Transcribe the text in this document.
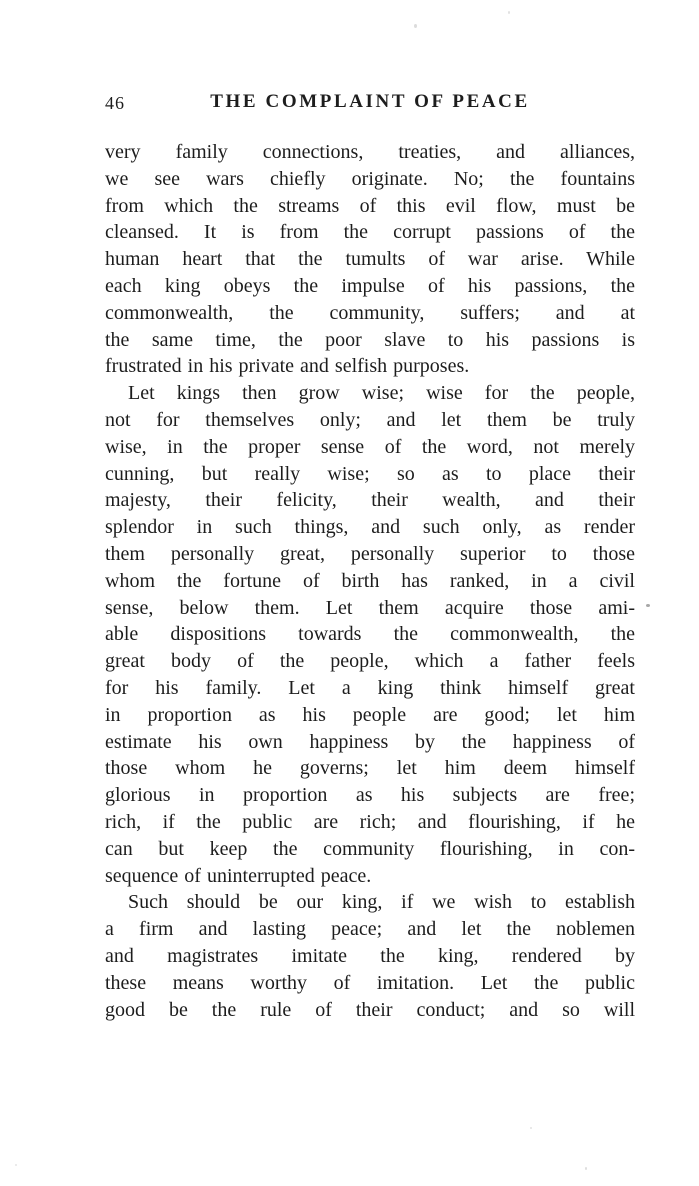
46	THE COMPLAINT OF PEACE
very family connections, treaties, and alliances,
we see wars chiefly originate. No; the fountains
from which the streams of this evil flow, must be
cleansed. It is from the corrupt passions of the
human heart that the tumults of war arise. While
each king obeys the impulse of his passions, the
commonwealth, the community, suffers; and at
the same time, the poor slave to his passions is
frustrated in his private and selfish purposes.
Let kings then grow wise; wise for the people,
not for themselves only; and let them be truly
wise, in the proper sense of the word, not merely
cunning, but really wise; so as to place their
majesty, their felicity, their wealth, and their
splendor in such things, and such only, as render
them personally great, personally superior to those
whom the fortune of birth has ranked, in a civil
sense, below them. Let them acquire those ami-
able dispositions towards the commonwealth, the
great body of the people, which a father feels
for his family. Let a king think himself great
in proportion as his people are good; let him
estimate his own happiness by the happiness of
those whom he governs; let him deem himself
glorious in proportion as his subjects are free;
rich, if the public are rich; and flourishing, if he
can but keep the community flourishing, in con-
sequence of uninterrupted peace.
Such should be our king, if we wish to establish
a firm and lasting peace; and let the noblemen
and magistrates imitate the king, rendered by
these means worthy of imitation. Let the public
good be the rule of their conduct; and so will
